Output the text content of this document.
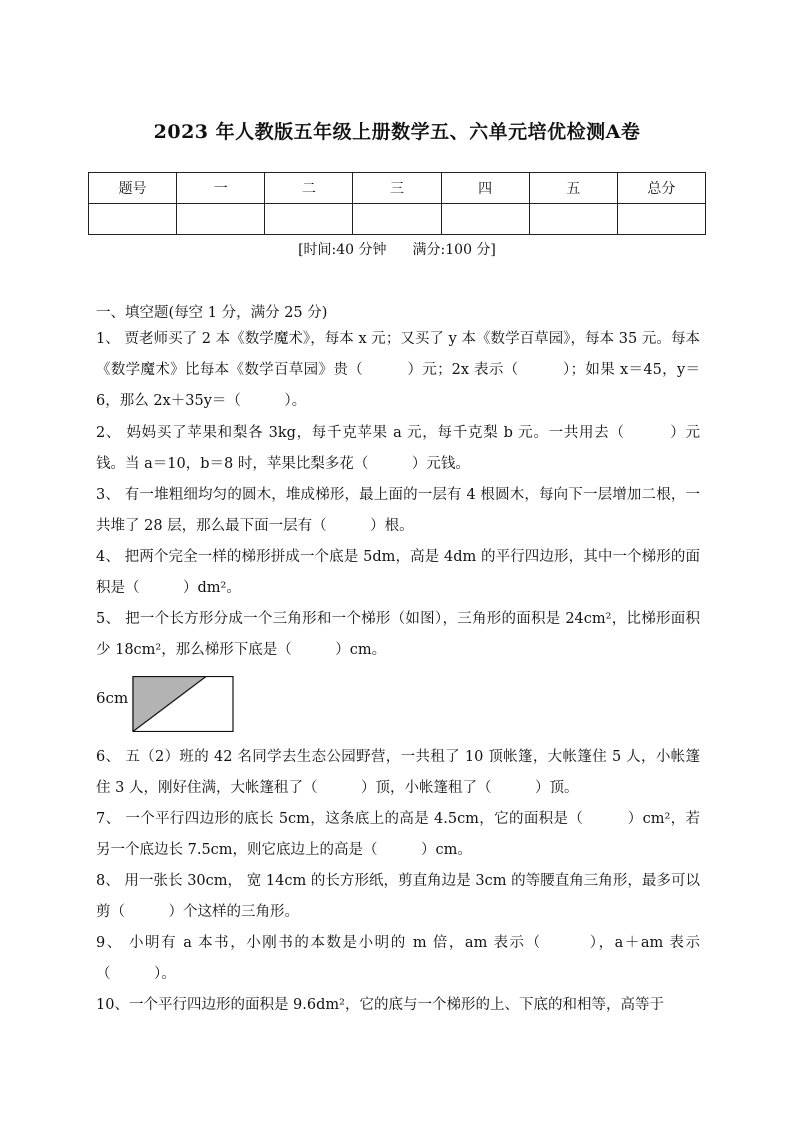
2023 年人教版五年级上册数学五、六单元培优检测A卷
题号	一	二	三	四	五	总分

[时间:40 分钟 满分:100 分]
一、填空题(每空 1 分，满分 25 分)
1、 贾老师买了 2 本《数学魔术》，每本 x 元；又买了 y 本《数学百草园》，每本 35 元。每本《数学魔术》比每本《数学百草园》贵（　　　）元；2x 表示（　　　）；如果 x＝45，y＝6，那么 2x＋35y＝（　　　）。
2、 妈妈买了苹果和梨各 3kg，每千克苹果 a 元，每千克梨 b 元。一共用去（　　　）元钱。当 a＝10，b＝8 时，苹果比梨多花（　　　）元钱。
3、 有一堆粗细均匀的圆木，堆成梯形，最上面的一层有 4 根圆木，每向下一层增加二根，一共堆了 28 层，那么最下面一层有（　　　）根。
4、 把两个完全一样的梯形拼成一个底是 5dm，高是 4dm 的平行四边形，其中一个梯形的面积是（　　　）dm²。
5、 把一个长方形分成一个三角形和一个梯形（如图），三角形的面积是 24cm²，比梯形面积少 18cm²，那么梯形下底是（　　　）cm。
6cm
6、 五（2）班的 42 名同学去生态公园野营，一共租了 10 顶帐篷，大帐篷住 5 人，小帐篷住 3 人，刚好住满，大帐篷租了（　　　）顶，小帐篷租了（　　　）顶。
7、 一个平行四边形的底长 5cm，这条底上的高是 4.5cm，它的面积是（　　　）cm²，若另一个底边长 7.5cm，则它底边上的高是（　　　）cm。
8、 用一张长 30cm， 宽 14cm 的长方形纸，剪直角边是 3cm 的等腰直角三角形，最多可以剪（　　　）个这样的三角形。
9、 小明有 a 本书，小刚书的本数是小明的 m 倍，am 表示（　　　），a＋am 表示（　　　）。
10、一个平行四边形的面积是 9.6dm²，它的底与一个梯形的上、下底的和相等，高等于
